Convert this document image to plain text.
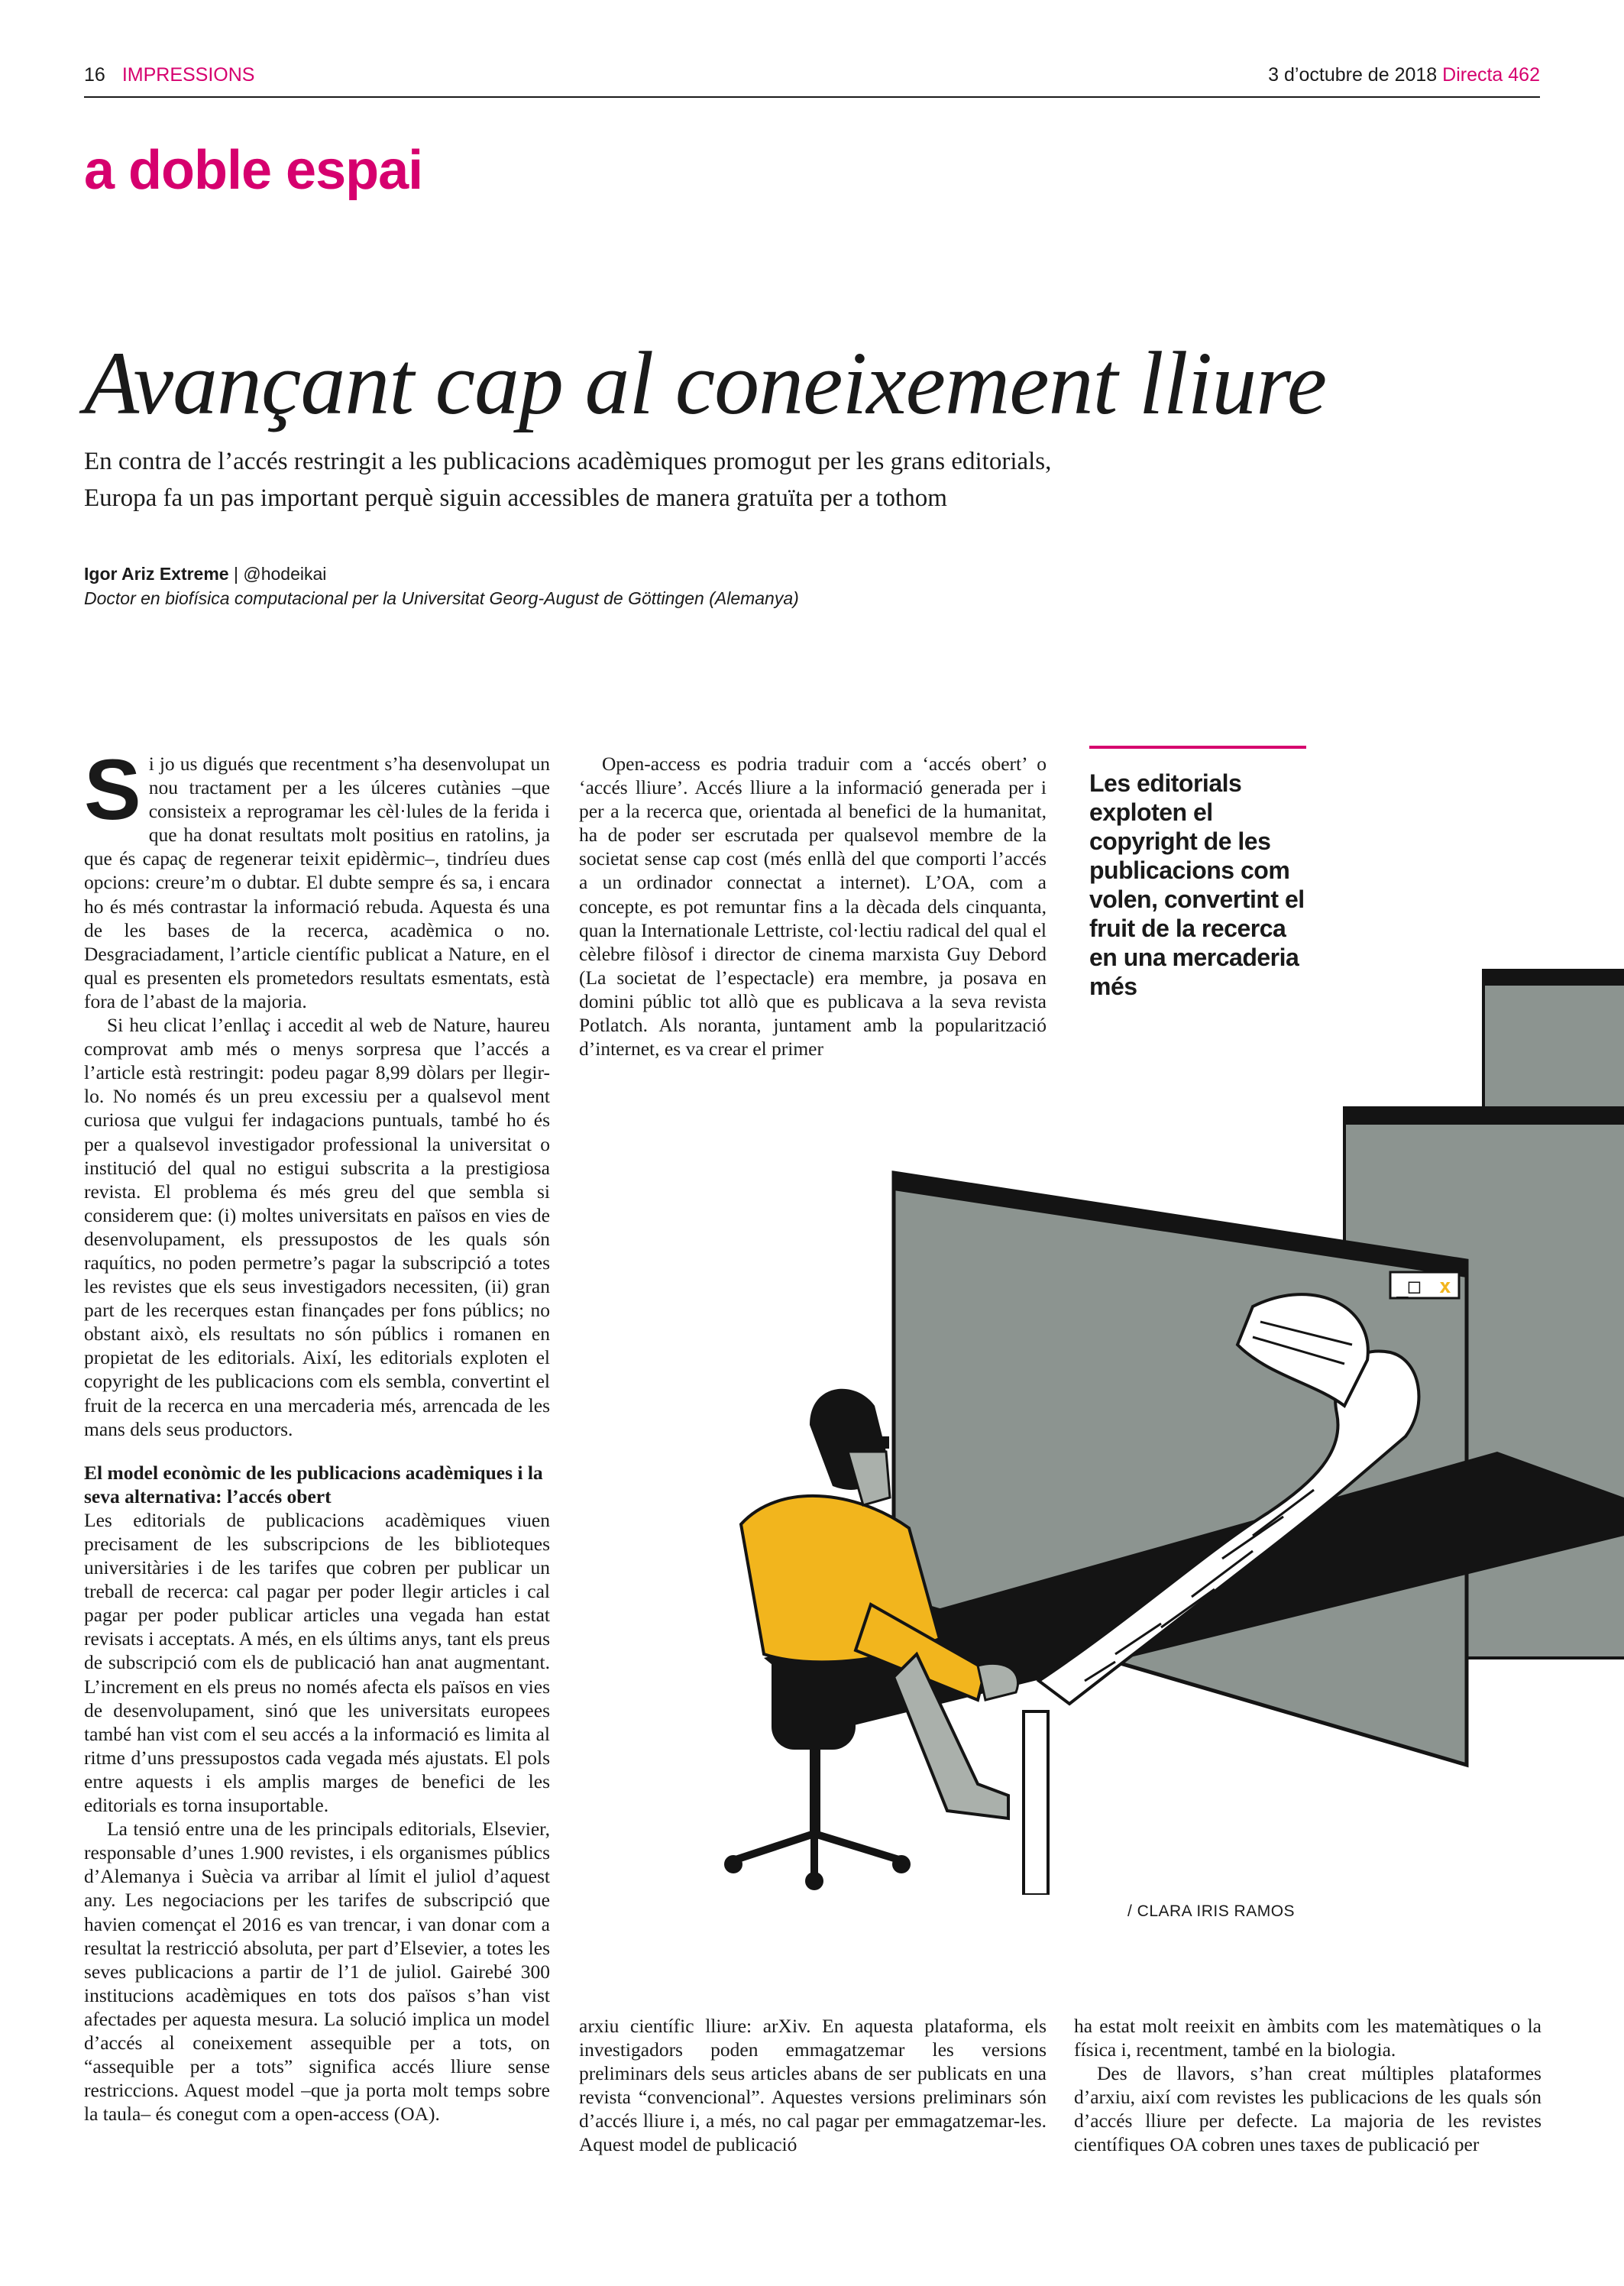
16 IMPRESSIONS	3 d’octubre de 2018 Directa 462
a doble espai
Avançant cap al coneixement lliure
En contra de l’accés restringit a les publicacions acadèmiques promogut per les grans editorials,
Europa fa un pas important perquè siguin accessibles de manera gratuïta per a tothom
Igor Ariz Extreme | @hodeikai
Doctor en biofísica computacional per la Universitat Georg-August de Göttingen (Alemanya)

Si jo us digués que recentment s’ha desenvolupat un nou tractament per a les úlceres cutànies –que consisteix a reprogramar les cèl·lules de la ferida i que ha donat resultats molt positius en ratolins, ja que és capaç de regenerar teixit epidèrmic–, tindríeu dues opcions: creure’m o dubtar. El dubte sempre és sa, i encara ho és més contrastar la informació rebuda. Aquesta és una de les bases de la recerca, acadèmica o no. Desgraciadament, l’article científic publicat a Nature, en el qual es presenten els prometedors resultats esmentats, està fora de l’abast de la majoria.

Si heu clicat l’enllaç i accedit al web de Nature, haureu comprovat amb més o menys sorpresa que l’accés a l’article està restringit: podeu pagar 8,99 dòlars per llegir-lo. No només és un preu excessiu per a qualsevol ment curiosa que vulgui fer indagacions puntuals, també ho és per a qualsevol investigador professional la universitat o institució del qual no estigui subscrita a la prestigiosa revista. El problema és més greu del que sembla si considerem que: (i) moltes universitats en països en vies de desenvolupament, els pressupostos de les quals són raquítics, no poden permetre’s pagar la subscripció a totes les revistes que els seus investigadors necessiten, (ii) gran part de les recerques estan finançades per fons públics; no obstant això, els resultats no són públics i romanen en propietat de les editorials. Així, les editorials exploten el copyright de les publicacions com els sembla, convertint el fruit de la recerca en una mercaderia més, arrencada de les mans dels seus productors.

El model econòmic de les publicacions acadèmiques i la seva alternativa: l’accés obert

Les editorials de publicacions acadèmiques viuen precisament de les subscripcions de les biblioteques universitàries i de les tarifes que cobren per publicar un treball de recerca: cal pagar per poder llegir articles i cal pagar per poder publicar articles una vegada han estat revisats i acceptats. A més, en els últims anys, tant els preus de subscripció com els de publicació han anat augmentant. L’increment en els preus no només afecta els països en vies de desenvolupament, sinó que les universitats europees també han vist com el seu accés a la informació es limita al ritme d’uns pressupostos cada vegada més ajustats. El pols entre aquests i els amplis marges de benefici de les editorials es torna insuportable.

La tensió entre una de les principals editorials, Elsevier, responsable d’unes 1.900 revistes, i els organismes públics d’Alemanya i Suècia va arribar al límit el juliol d’aquest any. Les negociacions per les tarifes de subscripció que havien començat el 2016 es van trencar, i van donar com a resultat la restricció absoluta, per part d’Elsevier, a totes les seves publicacions a partir de l’1 de juliol. Gairebé 300 institucions acadèmiques en tots dos països s’han vist afectades per aquesta mesura. La solució implica un model d’accés al coneixement assequible per a tots, on “assequible per a tots” significa accés lliure sense restriccions. Aquest model –que ja porta molt temps sobre la taula– és conegut com a open-access (OA).

Open-access es podria traduir com a ‘accés obert’ o ‘accés lliure’. Accés lliure a la informació generada per i per a la recerca que, orientada al benefici de la humanitat, ha de poder ser escrutada per qualsevol membre de la societat sense cap cost (més enllà del que comporti l’accés a un ordinador connectat a internet). L’OA, com a concepte, es pot remuntar fins a la dècada dels cinquanta, quan la Internationale Lettriste, col·lectiu radical del qual el cèlebre filòsof i director de cinema marxista Guy Debord (La societat de l’espectacle) era membre, ja posava en domini públic tot allò que es publicava a la seva revista Potlatch. Als noranta, juntament amb la popularització d’internet, es va crear el primer

Les editorials exploten el copyright de les publicacions com volen, convertint el fruit de la recerca en una mercaderia més
_□ x
/ CLARA IRIS RAMOS

arxiu científic lliure: arXiv. En aquesta plataforma, els investigadors poden emmagatzemar les versions preliminars dels seus articles abans de ser publicats en una revista “convencional”. Aquestes versions preliminars són d’accés lliure i, a més, no cal pagar per emmagatzemar-les. Aquest model de publicació

ha estat molt reeixit en àmbits com les matemàtiques o la física i, recentment, també en la biologia.

Des de llavors, s’han creat múltiples plataformes d’arxiu, així com revistes les publicacions de les quals són d’accés lliure per defecte. La majoria de les revistes científiques OA cobren unes taxes de publicació per
